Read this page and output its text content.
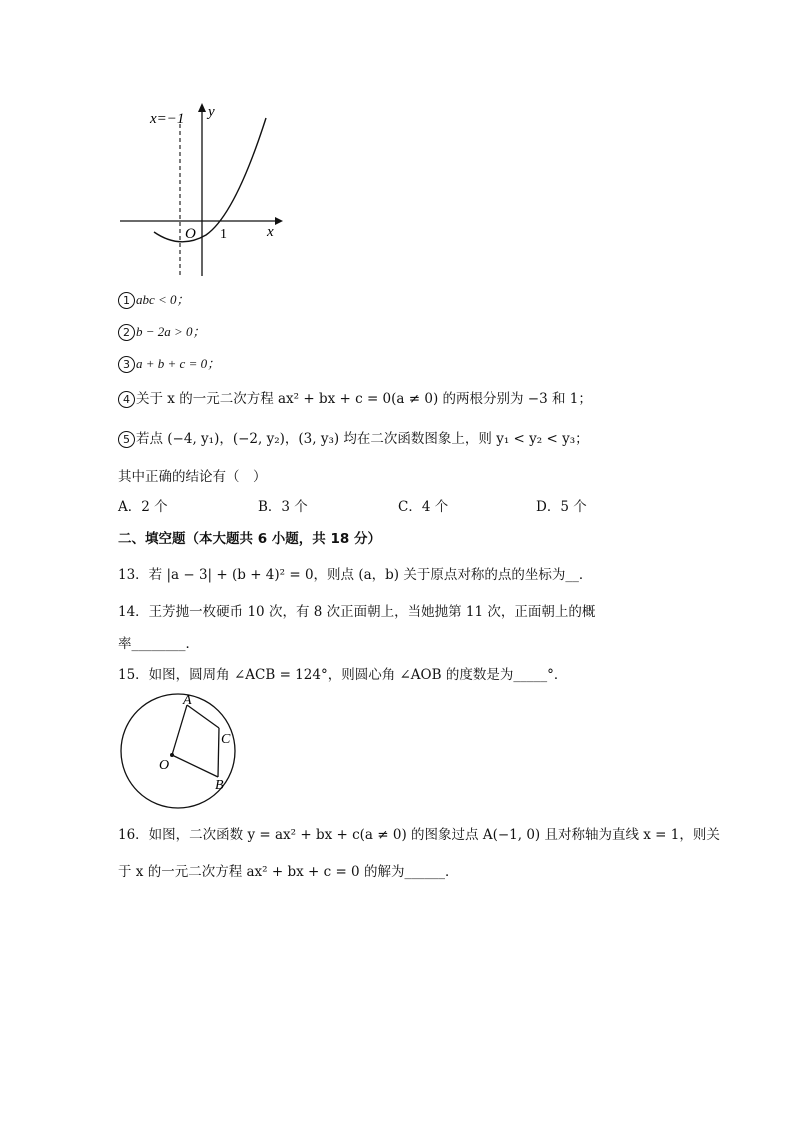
x=−1 y
x
O 1
1 abc < 0；
2 b − 2a > 0；
3 a + b + c = 0；
4 关于 x 的一元二次方程 ax² + bx + c = 0(a ≠ 0) 的两根分别为 −3 和 1；
5 若点 (−4, y₁)，(−2, y₂)，(3, y₃) 均在二次函数图象上，则 y₁ < y₂ < y₃；
其中正确的结论有（　）
A．2 个	B．3 个	C．4 个	D．5 个
二、填空题（本大题共 6 小题，共 18 分）
13．若 |a − 3| + (b + 4)² = 0，则点 (a，b) 关于原点对称的点的坐标为__．
14．王芳抛一枚硬币 10 次，有 8 次正面朝上，当她抛第 11 次，正面朝上的概
率________．
15．如图，圆周角 ∠ACB = 124°，则圆心角 ∠AOB 的度数是为_____°．
A
C
O
B
16．如图，二次函数 y = ax² + bx + c(a ≠ 0) 的图象过点 A(−1, 0) 且对称轴为直线 x = 1，则关
于 x 的一元二次方程 ax² + bx + c = 0 的解为______．
